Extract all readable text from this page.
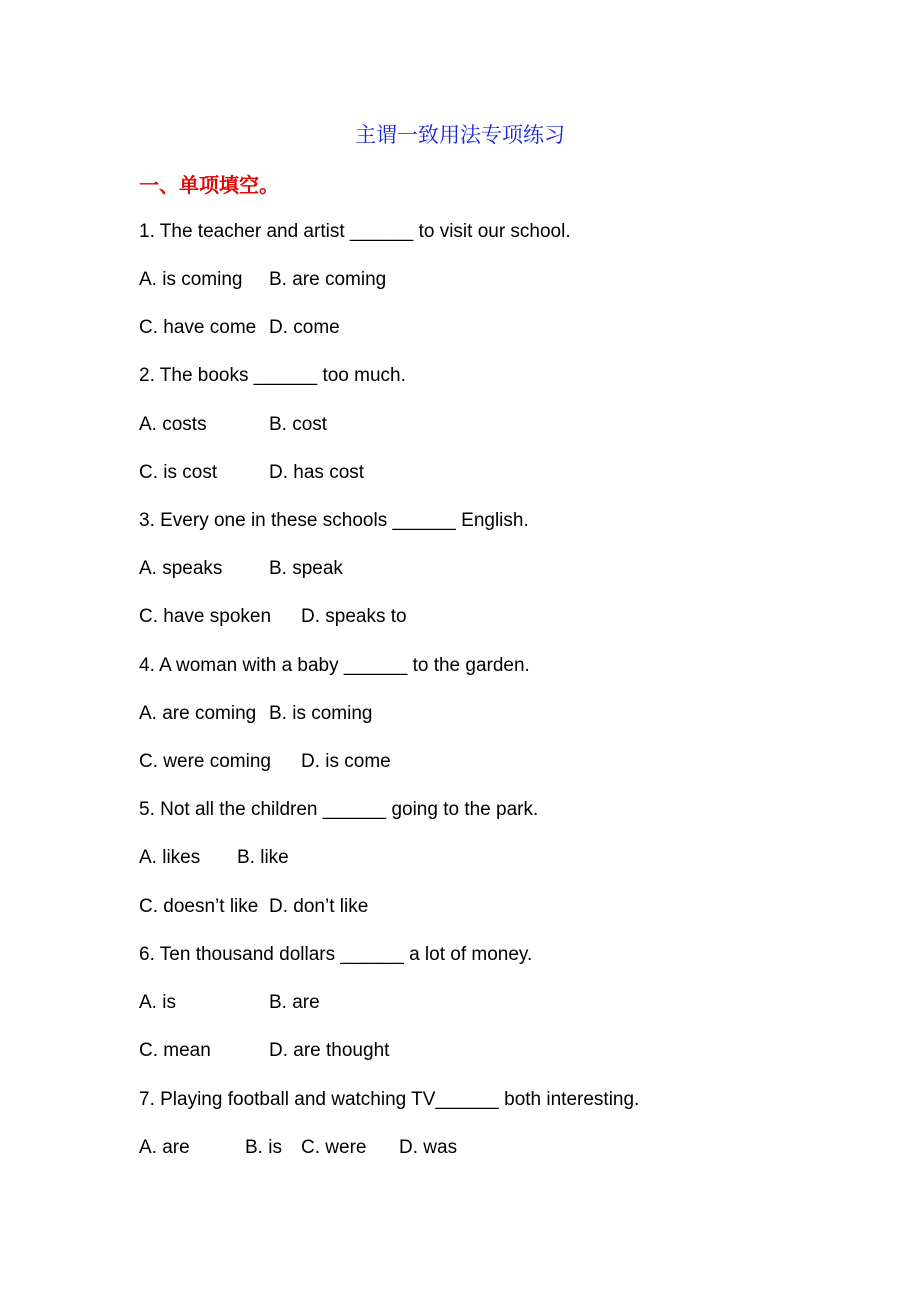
主谓一致用法专项练习
一、单项填空。
1. The teacher and artist ______ to visit our school.

A. is coming

B. are coming

C. have come

D. come

2. The books ______ too much.

A. costs

	B. cost

C. is cost

	D. has cost

3. Every one in these schools ______ English.

A. speaks

B. speak

C. have spoken

D. speaks to

4. A woman with a baby ______ to the garden.

A. are coming

B. is coming

C. were coming

D. is come

5. Not all the children ______ going to the park.

A. likes

B. like

C. doesn’t like

D. don’t like

6. Ten thousand dollars ______ a lot of money.

A. is

	B. are

C. mean

	D. are thought

7. Playing football and watching TV______ both interesting.

A. are

	B. is

C. were

D. was
